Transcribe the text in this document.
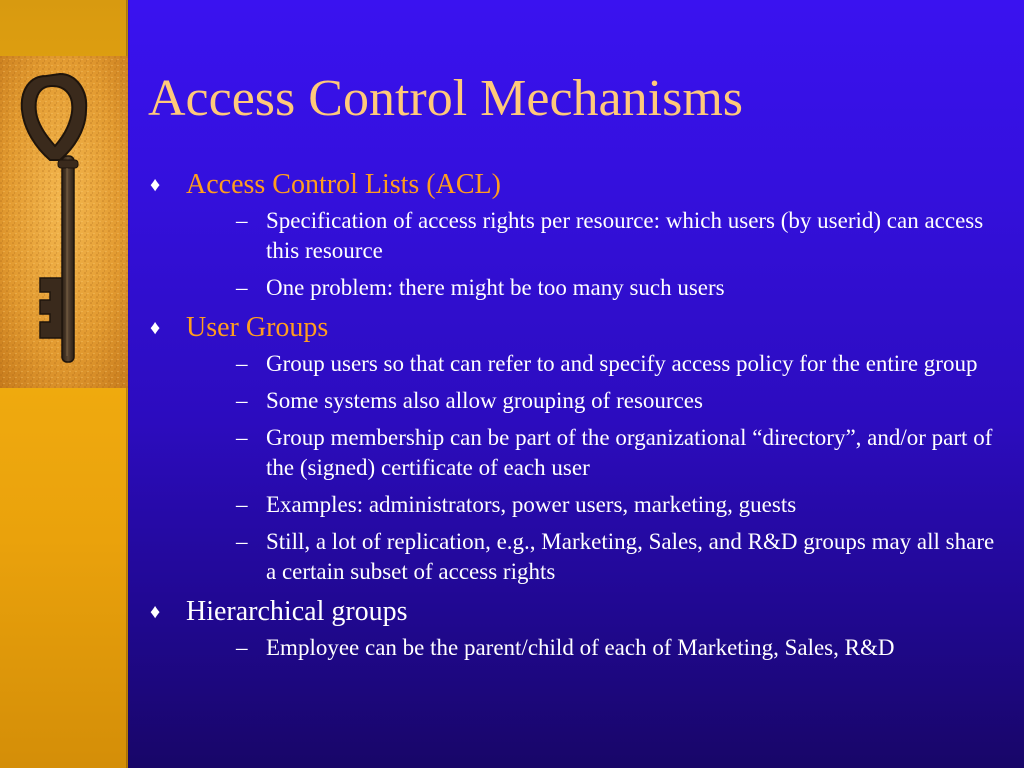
Access Control Mechanisms
♦ Access Control Lists (ACL)
– Specification of access rights per resource: which users (by userid) can access this resource
– One problem: there might be too many such users
♦ User Groups
– Group users so that can refer to and specify access policy for the entire group
– Some systems also allow grouping of resources
– Group membership can be part of the organizational “directory”, and/or part of the (signed) certificate of each user
– Examples: administrators, power users, marketing, guests
– Still, a lot of replication, e.g., Marketing, Sales, and R&D groups may all share a certain subset of access rights
♦ Hierarchical groups
– Employee can be the parent/child of each of Marketing, Sales, R&D
